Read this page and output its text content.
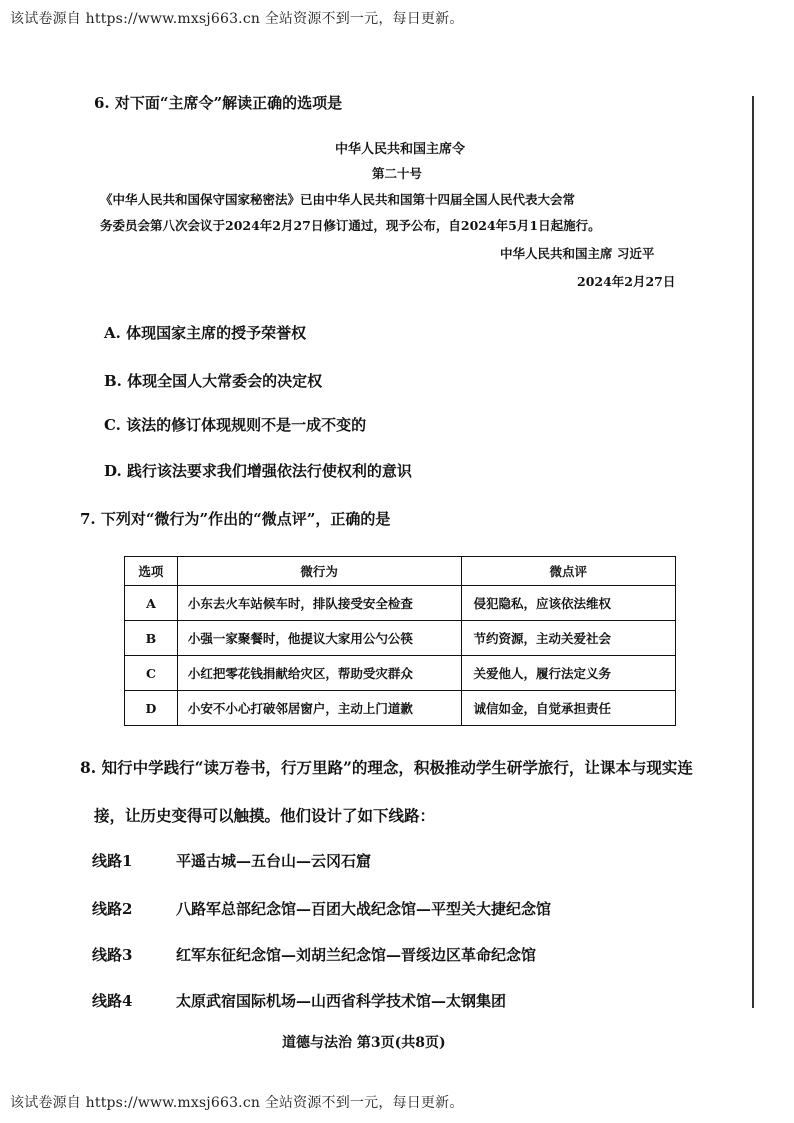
该试卷源自 https://www.mxsj663.cn 全站资源不到一元，每日更新。
6. 对下面“主席令”解读正确的选项是
中华人民共和国主席令
第二十号
《中华人民共和国保守国家秘密法》已由中华人民共和国第十四届全国人民代表大会常
务委员会第八次会议于2024年2月27日修订通过，现予公布，自2024年5月1日起施行。
中华人民共和国主席 习近平
2024年2月27日
A. 体现国家主席的授予荣誉权
B. 体现全国人大常委会的决定权
C. 该法的修订体现规则不是一成不变的
D. 践行该法要求我们增强依法行使权利的意识
7. 下列对“微行为”作出的“微点评”，正确的是
选项	微行为	微点评
A	小东去火车站候车时，排队接受安全检查	侵犯隐私，应该依法维权
B	小强一家聚餐时，他提议大家用公勺公筷	节约资源，主动关爱社会
C	小红把零花钱捐献给灾区，帮助受灾群众	关爱他人，履行法定义务
D	小安不小心打破邻居窗户，主动上门道歉	诚信如金，自觉承担责任
8. 知行中学践行“读万卷书，行万里路”的理念，积极推动学生研学旅行，让课本与现实连
接，让历史变得可以触摸。他们设计了如下线路：
线路1	平遥古城—五台山—云冈石窟
线路2	八路军总部纪念馆—百团大战纪念馆—平型关大捷纪念馆
线路3	红军东征纪念馆—刘胡兰纪念馆—晋绥边区革命纪念馆
线路4	太原武宿国际机场—山西省科学技术馆—太钢集团
道德与法治 第3页(共8页)
该试卷源自 https://www.mxsj663.cn 全站资源不到一元，每日更新。
